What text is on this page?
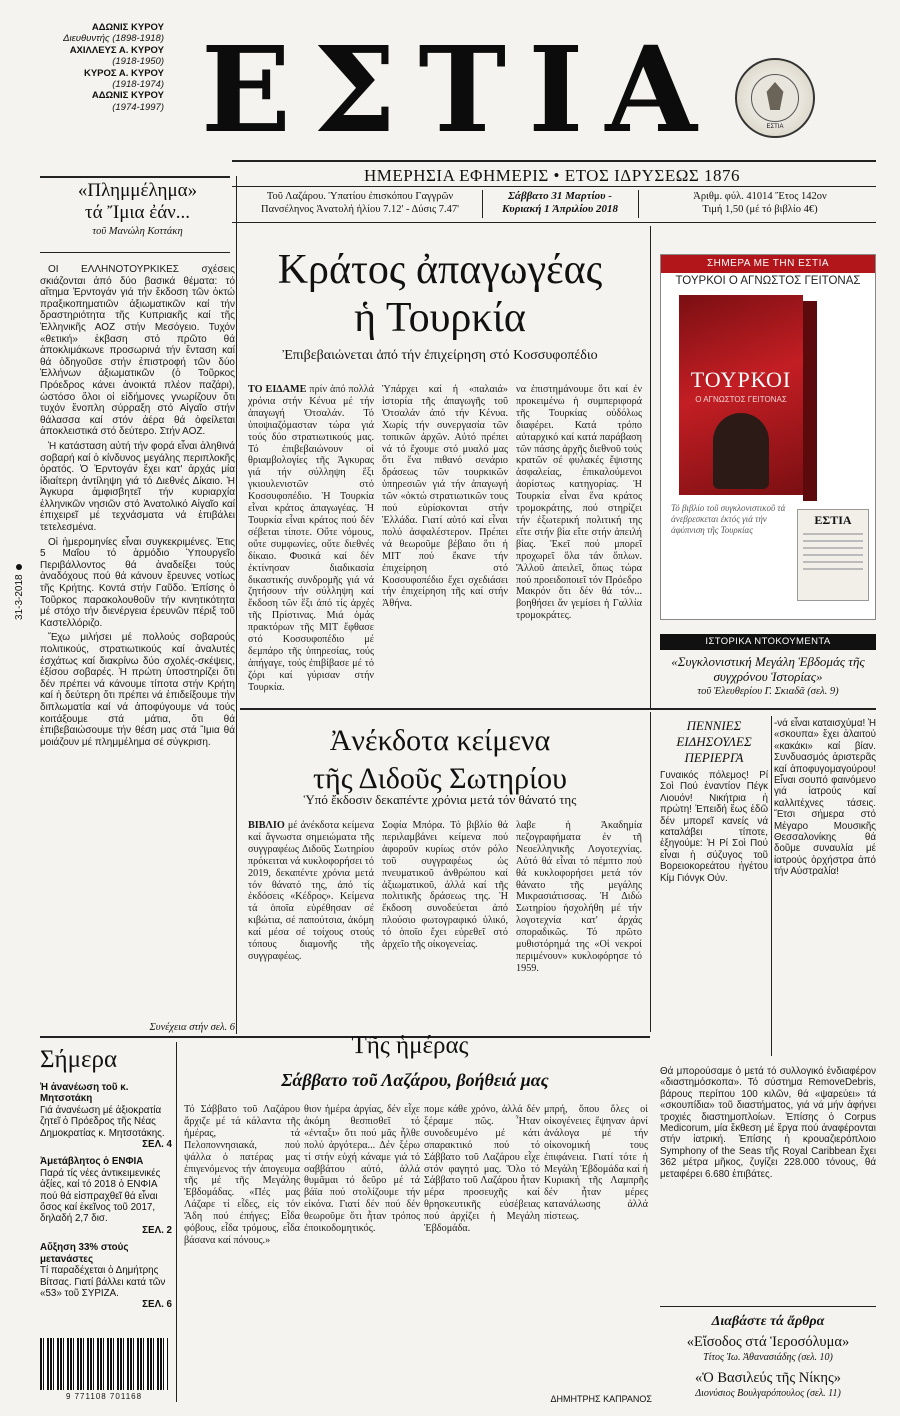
ΑΔΩΝΙΣ ΚΥΡΟΥ
Διευθυντής (1898-1918)
ΑΧΙΛΛΕΥΣ Α. ΚΥΡΟΥ
(1918-1950)
ΚΥΡΟΣ Α. ΚΥΡΟΥ
(1918-1974)
ΑΔΩΝΙΣ ΚΥΡΟΥ
(1974-1997) ΕΣΤΙΑ	ΕΣΤΙΑ
ΗΜΕΡΗΣΙΑ ΕΦΗΜΕΡΙΣ • ΕΤΟΣ ΙΔΡΥΣΕΩΣ 1876
Τοῦ Λαζάρου. Ὑπατίου ἐπισκόπου Γαγγρῶν
Πανσέληνος Ἀνατολή ἡλίου 7.12' - Δύσις 7.47'
Σάββατο 31 Μαρτίου -
Κυριακή 1 Ἀπριλίου 2018
Ἀριθμ. φύλ. 41014 Ἔτος 142ον
Τιμή 1,50 (μέ τό βιβλίο 4€)
31-3-2018
«Πλημμέλημα»
τά Ἴμια ἐάν...
τοῦ Μανώλη Κοττάκη

ΟΙ ΕΛΛΗΝΟΤΟΥΡΚΙΚΕΣ σχέσεις σκιάζονται ἀπό δύο βασικά θέματα: τό αἴτημα Ἐρντογάν γιά τήν ἔκδοση τῶν ὀκτώ πραξικοπηματιῶν ἀξιωματικῶν καί τήν δραστηριότητα τῆς Κυπριακῆς καί τῆς Ἑλληνικῆς ΑΟΖ στήν Μεσόγειο. Τυχόν «θετική» ἐκβαση στό πρῶτο θά ἀποκλιμάκωνε προσωρινά τήν ἔνταση καί θά ὁδηγοῦσε στήν ἐπιστροφή τῶν δύο Ἑλλήνων ἀξιωματικῶν (ὁ Τοῦρκος Πρόεδρος κάνει ἀνοικτά πλέον παζάρι), ὡστόσο ὅλοι οἱ εἰδήμονες γνωρίζουν ὅτι τυχόν ἔνοπλη σύρραξη στό Αἰγαῖο στήν θάλασσα καί στόν ἀέρα θά ὀφείλεται ἀποκλειστικά στό δεύτερο. Στήν ΑΟΖ.

Ἡ κατάσταση αὐτή τήν φορά εἶναι ἀληθινά σοβαρή καί ὁ κίνδυνος μεγάλης περιπλοκῆς ὁρατός. Ὁ Ἐρντογάν ἔχει κατ' ἀρχάς μία ἰδιαίτερη ἀντίληψη γιά τό Διεθνές Δίκαιο. Ἡ Ἀγκυρα ἀμφισβητεῖ τήν κυριαρχία ἑλληνικῶν νησιῶν στό Ἀνατολικό Αἰγαῖο καί ἐπιχειρεῖ μέ τεχνάσματα νά ἐπιβάλει τετελεσμένα.

Οἱ ἡμερομηνίες εἶναι συγκεκριμένες. Ἐτις 5 Μαΐου τό ἁρμόδιο Ὑπουργεῖο Περιβάλλοντος θά ἀναδείξει τούς ἀναδόχους πού θά κάνουν ἔρευνες νοτίως τῆς Κρήτης. Κοντά στήν Γαῦδο. Ἐπίσης ὁ Τοῦρκος παρακολουθοῦν τήν κινητικότητα μέ στόχο τήν διενέργεια ἐρευνῶν πέριξ τοῦ Καστελλόριζο.

Ἔχω μιλήσει μέ πολλούς σοβαρούς πολιτικούς, στρατιωτικούς καί ἀναλυτές ἐσχάτως καί διακρίνω δύο σχολές-σκέψεις, ἐξίσου σοβαρές. Ἡ πρώτη ὑποστηρίζει ὅτι δέν πρέπει νά κάνουμε τίποτα στήν Κρήτη καί ἡ δεύτερη ὅτι πρέπει νά ἐπιδείξουμε τήν διπλωματία καί νά ἀποφύγουμε νά τούς κοιτάξουμε στά μάτια, ὅτι θά ἐπιβεβαιώσουμε τήν θέση μας στά Ἴμια θά μοιάζουν μέ πλημμέλημα σέ σύγκριση.

Συνέχεια στήν σελ. 6
Κράτος ἀπαγωγέας
ἡ Τουρκία
Ἐπιβεβαιώνεται ἀπό τήν ἐπιχείρηση στό Κοσσυφοπέδιο
ΤΟ ΕΙΔΑΜΕ πρίν ἀπό πολλά χρόνια στήν Κένυα μέ τήν ἀπαγωγή Ὀτσαλάν. Τό ὑποψιαζόμασταν τώρα γιά τούς δύο στρατιωτικούς μας. Τό ἐπιβεβαιώνουν οἱ θριαμβολογίες τῆς Ἀγκυρας γιά τήν σύλληψη ἕξι γκιουλενιστῶν στό Κοσσυφοπέδιο. Ἡ Τουρκία εἶναι κράτος ἀπαγωγέας. Ἡ Τουρκία εἶναι κράτος πού δέν σέβεται τίποτε. Οὔτε νόμους, οὔτε συμφωνίες, οὔτε διεθνές δίκαιο. Φυσικά καί δέν ἐκτίνησαν διαδικασία δικαστικής συνδρομῆς γιά νά ζητήσουν τήν σύλληψη καί ἔκδοση τῶν ἕξι ἀπό τίς ἀρχές τῆς Πρίστινας. Μιά ὁμάς πρακτόρων τῆς ΜΙΤ ἔφθασε στό Κοσσυφοπέδιο μέ δεμπάρο τῆς ὑπηρεσίας, τούς ἁπήγαγε, τούς ἐπιβίβασε μέ τό ζόρι καί γύρισαν στήν Τουρκία.
Ὑπάρχει καί ἡ «παλαιά» ἱστορία τῆς ἀπαγωγῆς τοῦ Ὀτσαλάν ἀπό τήν Κένυα. Χωρίς τήν συνεργασία τῶν τοπικῶν ἀρχῶν. Αὐτό πρέπει νά τό ἔχουμε στό μυαλό μας ὅτι ἕνα πιθανό σενάριο δράσεως τῶν τουρκικῶν ὑπηρεσιῶν γιά τήν ἀπαγωγή τῶν «ὀκτώ στρατιωτικῶν τους πού εὑρίσκονται στήν Ἑλλάδα. Γιατί αὐτό καί εἶναι πολύ ἀσφαλέστερον. Πρέπει νά θεωροῦμε βέβαιο ὅτι ἡ ΜΙΤ πού ἔκανε τήν ἐπιχείρηση στό Κοσσυφοπέδιο ἔχει σχεδιάσει τήν ἐπιχείρηση τῆς καί στήν Ἀθήνα.
να ἐπιστημάνουμε ὅτι καί ἐν προκειμένω ἡ συμπεριφορά τῆς Τουρκίας οὐδόλως διαφέρει. Κατά τρόπο αὐταρχικό καί κατά παράβαση τῶν πάσης ἀρχῆς διεθνοῦ τούς κρατῶν σέ φυλακές ἔψιστης ἀσφαλείας, ἐπικαλούμενοι ἀορίστως κατηγορίας. Ἡ Τουρκία εἶναι ἕνα κράτος τρομοκράτης, πού στηρίζει τήν ἐξωτερική πολιτική της εἴτε στήν βία εἴτε στήν ἀπειλή βίας. Ἐκεῖ πού μπορεῖ προχωρεῖ ὅλα τάν ὅπλων. Ἄλλοῦ ἀπειλεῖ, ὅπως τώρα πού προειδοποιεῖ τόν Πρόεδρο Μακρόν ὅτι δέν θά τόν... βοηθήσει ἄν γεμίσει ἡ Γαλλία τρομοκράτες.
ΣΗΜΕΡΑ ΜΕ ΤΗΝ ΕΣΤΙΑ
ΤΟΥΡΚΟΙ Ο ΑΓΝΩΣΤΟΣ ΓΕΙΤΟΝΑΣ
ΤΟΥΡΚΟΙ
Ο ΑΓΝΩΣΤΟΣ ΓΕΙΤΟΝΑΣ
Τό βιβλίο τοῦ συγκλονιστικοῦ τά ἀνεβρεσκεται ἐκτός γιά τήν ἀφύπνιση τῆς Τουρκίας
ΕΣΤΙΑ
ΙΣΤΟΡΙΚΑ ΝΤΟΚΟΥΜΕΝΤΑ
«Συγκλονιστική Μεγάλη Ἑβδομάς τῆς συγχρόνου Ἱστορίας»
τοῦ Ἐλευθερίου Γ. Σκιαδᾶ (σελ. 9)
Ἀνέκδοτα κείμενα
τῆς Διδοῦς Σωτηρίου
Ὑπό ἔκδοσιν δεκαπέντε χρόνια μετά τόν θάνατό της
ΒΙΒΛΙΟ μέ ἀνέκδοτα κείμενα καί ἄγνωστα σημειώματα τῆς συγγραφέως Διδοῦς Σωτηρίου πρόκειται νά κυκλοφορήσει τό 2019, δεκαπέντε χρόνια μετά τόν θάνατό της, ἀπό τίς ἐκδόσεις «Κέδρος». Κείμενα τά ὁποῖα εὑρέθησαν σέ κιβώτια, σέ παπούτσια, ἀκόμη καί μέσα σέ τοίχους στούς τόπους διαμονῆς τῆς συγγραφέως.
Σοφία Μπόρα. Τό βιβλίο θά περιλαμβάνει κείμενα πού ἀφοροῦν κυρίως στόν ρόλο τοῦ συγγραφέως ὡς πνευματικοῦ ἀνθρώπου καί ἀξιωματικοῦ, ἀλλά καί τῆς πολιτικῆς δράσεως της. Ἡ ἔκδοση συνοδεύεται ἀπό πλούσιο φωτογραφικό ὑλικό, τό ὁποῖο ἔχει εὑρεθεῖ στό ἀρχεῖο τῆς οἰκογενείας.
λαβε ἡ Ἀκαδημία πεζογραφήματα ἐν τῆ Νεοελληνικῆς Λογοτεχνίας. Αὐτό θά εἶναι τό πέμπτο πού θά κυκλοφορήσει μετά τόν θάνατο τῆς μεγάλης Μικρασιάτισσας. Ἡ Διδώ Σωτηρίου ἡσχολήθη μέ τήν λογοτεχνία κατ' ἀρχάς σποραδικῶς. Τό πρῶτο μυθιστόρημά της «Οἱ νεκροί περιμένουν» κυκλοφόρησε τό 1959.
ΠΕΝΝΙΕΣ ΕΙΔΗΣΟΥΛΕΣ ΠΕΡΙΕΡΓΑ
Γυναικός πόλεμος! Ρί Σοὶ Πού ἐναντίον Πέγκ Λιουόν! Νικήτρια ἡ πρώτη! Ἐπειδή ἔως ἐδῶ δέν μπορεῖ κανείς νά καταλάβει τίποτε, ἐξηγούμε: Ἡ Ρί Σοὶ Πού εἶναι ἡ σύζυγος τοῦ Βορειοκορεάτου ἡγέτου Κίμ Γιόνγκ Ούν.
-νά εἶναι καταισχύμα! Ἡ «σκουπα» ἔχει ἀλαιτού «κακάκι» καί βίαν. Συνδυασμός ἀριστερᾶς καί ἀποφυγομαγούρου! Εἶναι σουπό φαινόμενο γιά ἰατρούς καί καλλιτέχνες τάσεις. Ἔτσι σήμερα στό Μέγαρο Μουσικῆς Θεσσαλονίκης θά δοῦμε συναυλία μέ ἰατρούς ὀρχήστρα ἀπό τήν Αὐστραλία!
Θά μπορούσαμε ὁ μετά τό συλλογικό ἐνδιαφέρον «διαστημόσκοπα». Τό σύστημα RemoveDebris, βάρους περίπου 100 κιλῶν, θά «ψαρεύει» τά «σκουπίδια» τοῦ διαστήματος, γιά νά μήν ἀφήνει τροχιές διαστημοπλοίων. Ἐπίσης ὁ Corpus Medicorum, μία ἔκθεση μέ ἔργα πού ἀναφέρονται στήν ἰατρική. Ἐπίσης ἡ κρουαζιερόπλοιο Symphony of the Seas τῆς Royal Caribbean ἔχει 362 μέτρα μῆκος, ζυγίζει 228.000 τόνους, θά μεταφέρει 6.680 ἐπιβάτες.
Σήμερα
Ἡ ἀνανέωση τοῦ κ. Μητσοτάκη
Γιά ἀνανέωση μέ ἀξιοκρατία ζητεῖ ὁ Πρόεδρος τῆς Νέας Δημοκρατίας κ. Μητσοτάκης.
ΣΕΛ. 4
Ἀμετάβλητος ὁ ΕΝΦΙΑ
Παρά τίς νέες ἀντικειμενικές ἀξίες, καί τό 2018 ὁ ΕΝΦΙΑ πού θά εἰσπραχθεῖ θά εἶναι ὅσος καί ἐκεῖνος τοῦ 2017, δηλαδή 2,7 δισ.
ΣΕΛ. 2
Αὔξηση 33% στούς μετανάστες
Τί παραδέχεται ὁ Δημήτρης Βίτσας. Γιατί βάλλει κατά τῶν «53» τοῦ ΣΥΡΙΖΑ.
ΣΕΛ. 6
9 771108 701168
Τῆς ἡμέρας
Σάββατο τοῦ Λαζάρου, βοήθειά μας
Τό Σάββατο τοῦ Λαζάρου ἄρχιζε μέ τά κάλαντα τῆς ἡμέρας, τά Πελοποννησιακά, πού ψάλλα ὁ πατέρας μας ἐπιγενόμενος τήν ἀπογευμα τῆς μέ τῆς Μεγάλης Ἑβδομάδας. «Πές μας Λάζαρε τί εἶδες, εἰς τόν Ἄδη πού ἐπήγες; Εἶδα φόβους, εἶδα τρόμους, εἶδα βάσανα καί πόνους.»
θιον ἡμέρα ἀργίας, δέν εἶχε ἀκόμη θεσπισθεῖ τό «ἐνταξι» ὅτι πού μᾶς ἦλθε πολύ ἀργότερα... Δέν ξέρω τί στήν εὐχή κάναμε γιά τό σαββάτου αὐτό, ἀλλά θυμᾶμαι τό δεῦρο μέ τά βάϊα πού στολίζουμε τήν εἰκόνα. Γιατί δέν πού δέν θεωροῦμε ὅτι ἦταν τρόπος ἐποικοδομητικός.
πομε κάθε χρόνο, ἀλλά δέν ξέραμε πῶς. Ἦταν συνοδευμένο μέ κάτι σπαρακτικό πού τό Σάββατο τοῦ Λαζάρου εἶχε στόν φαγητό μας. Ὅλο τό Σάββατο τοῦ Λαζάρου ἦταν μέρα προσευχῆς καί θρησκευτικῆς εὐσέβειας πού ἀρχίζει ἡ Μεγάλη Ἑβδομάδα.
μπρή, ὅπου ὅλες οἱ οἰκογένειες ἔψηναν ἀρνί ἀνάλογα μέ τήν οἰκονομική τους ἐπιφάνεια. Γιατί τότε ἡ Μεγάλη Ἑβδομάδα καί ἡ Κυριακή τῆς Λαμπρῆς δέν ἦταν μέρες κατανάλωσης ἀλλά πίστεως.
ΔΗΜΗΤΡΗΣ ΚΑΠΡΑΝΟΣ
Διαβάστε τά ἄρθρα
«Εἴσοδος στά Ἱεροσόλυμα»
Τίτος Ἰω. Ἀθανασιάδης (σελ. 10)
«Ὁ Βασιλεύς τῆς Νίκης»
Διονύσιος Βουλγαρόπουλος (σελ. 11)
